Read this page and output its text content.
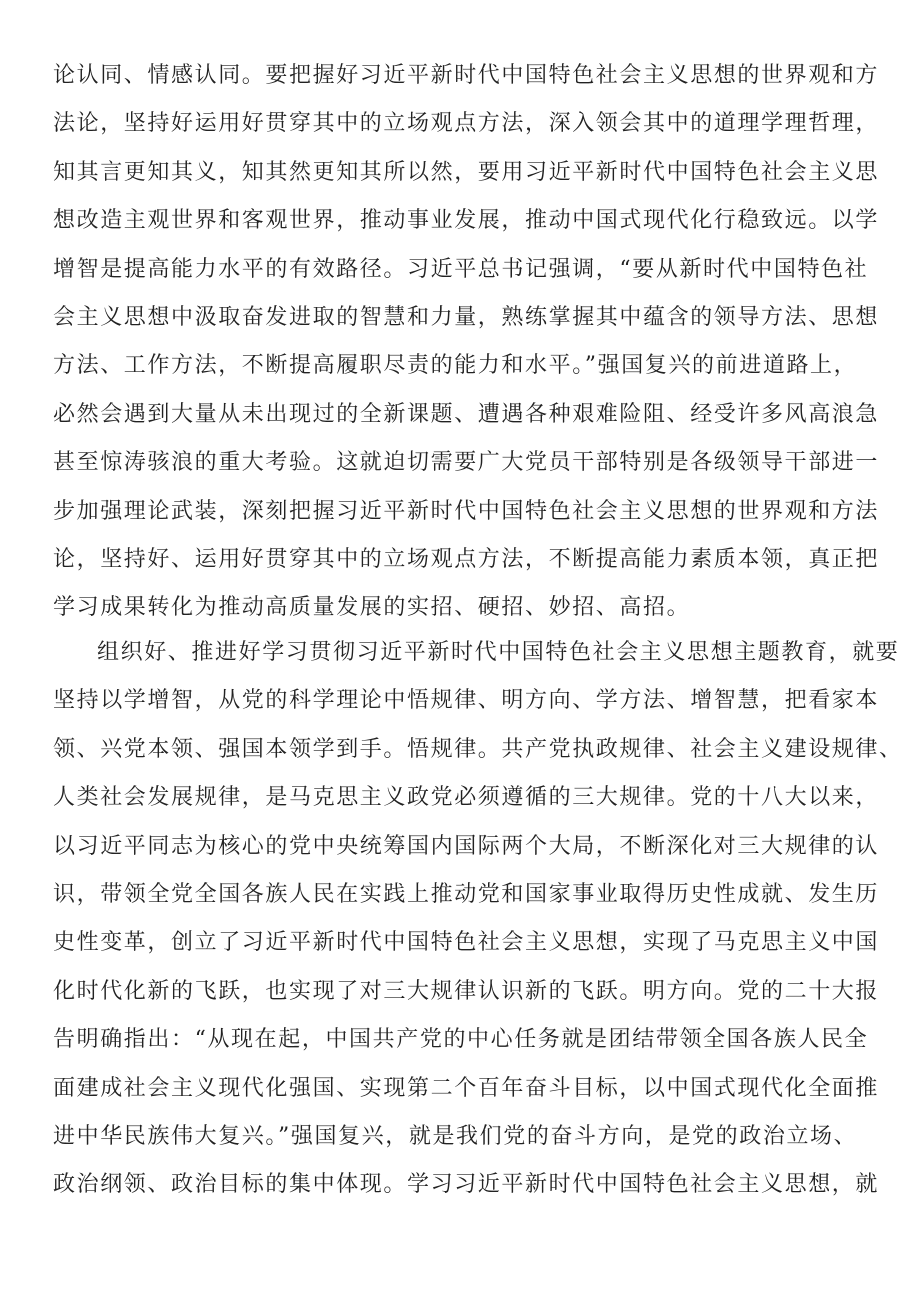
论认同、情感认同。要把握好习近平新时代中国特色社会主义思想的世界观和方
法论，坚持好运用好贯穿其中的立场观点方法，深入领会其中的道理学理哲理，
知其言更知其义，知其然更知其所以然，要用习近平新时代中国特色社会主义思
想改造主观世界和客观世界，推动事业发展，推动中国式现代化行稳致远。以学
增智是提高能力水平的有效路径。习近平总书记强调，“要从新时代中国特色社
会主义思想中汲取奋发进取的智慧和力量，熟练掌握其中蕴含的领导方法、思想
方法、工作方法，不断提高履职尽责的能力和水平。”强国复兴的前进道路上，
必然会遇到大量从未出现过的全新课题、遭遇各种艰难险阻、经受许多风高浪急
甚至惊涛骇浪的重大考验。这就迫切需要广大党员干部特别是各级领导干部进一
步加强理论武装，深刻把握习近平新时代中国特色社会主义思想的世界观和方法
论，坚持好、运用好贯穿其中的立场观点方法，不断提高能力素质本领，真正把
学习成果转化为推动高质量发展的实招、硬招、妙招、高招。
组织好、推进好学习贯彻习近平新时代中国特色社会主义思想主题教育，就要
坚持以学增智，从党的科学理论中悟规律、明方向、学方法、增智慧，把看家本
领、兴党本领、强国本领学到手。悟规律。共产党执政规律、社会主义建设规律、
人类社会发展规律，是马克思主义政党必须遵循的三大规律。党的十八大以来，
以习近平同志为核心的党中央统筹国内国际两个大局，不断深化对三大规律的认
识，带领全党全国各族人民在实践上推动党和国家事业取得历史性成就、发生历
史性变革，创立了习近平新时代中国特色社会主义思想，实现了马克思主义中国
化时代化新的飞跃，也实现了对三大规律认识新的飞跃。明方向。党的二十大报
告明确指出：“从现在起，中国共产党的中心任务就是团结带领全国各族人民全
面建成社会主义现代化强国、实现第二个百年奋斗目标，以中国式现代化全面推
进中华民族伟大复兴。”强国复兴，就是我们党的奋斗方向，是党的政治立场、
政治纲领、政治目标的集中体现。学习习近平新时代中国特色社会主义思想，就
